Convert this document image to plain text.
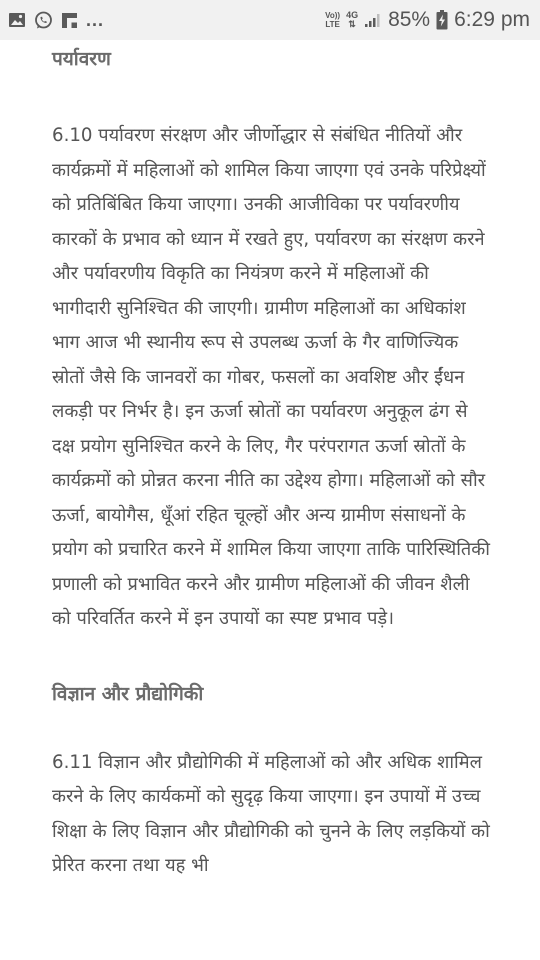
...	Vo))
LTE
4G
⇅ 85% 6:29 pm
पर्यावरण

6.10 पर्यावरण संरक्षण और जीर्णोद्धार से संबंधित नीतियों और कार्यक्रमों में महिलाओं को शामिल किया जाएगा एवं उनके परिप्रेक्ष्यों को प्रतिबिंबित किया जाएगा। उनकी आजीविका पर पर्यावरणीय कारकों के प्रभाव को ध्यान में रखते हुए, पर्यावरण का संरक्षण करने और पर्यावरणीय विकृति का नियंत्रण करने में महिलाओं की भागीदारी सुनिश्चित की जाएगी। ग्रामीण महिलाओं का अधिकांश भाग आज भी स्थानीय रूप से उपलब्ध ऊर्जा के गैर वाणिज्यिक स्रोतों जैसे कि जानवरों का गोबर, फसलों का अवशिष्ट और ईंधन लकड़ी पर निर्भर है। इन ऊर्जा स्रोतों का पर्यावरण अनुकूल ढंग से दक्ष प्रयोग सुनिश्चित करने के लिए, गैर परंपरागत ऊर्जा स्रोतों के कार्यक्रमों को प्रोन्नत करना नीति का उद्देश्य होगा। महिलाओं को सौर ऊर्जा, बायोगैस, धूँआं रहित चूल्हों और अन्य ग्रामीण संसाधनों के प्रयोग को प्रचारित करने में शामिल किया जाएगा ताकि पारिस्थितिकी प्रणाली को प्रभावित करने और ग्रामीण महिलाओं की जीवन शैली को परिवर्तित करने में इन उपायों का स्पष्ट प्रभाव पड़े।

विज्ञान और प्रौद्योगिकी

6.11 विज्ञान और प्रौद्योगिकी में महिलाओं को और अधिक शामिल करने के लिए कार्यकमों को सुदृढ़ किया जाएगा। इन उपायों में उच्च शिक्षा के लिए विज्ञान और प्रौद्योगिकी को चुनने के लिए लड़कियों को प्रेरित करना तथा यह भी
